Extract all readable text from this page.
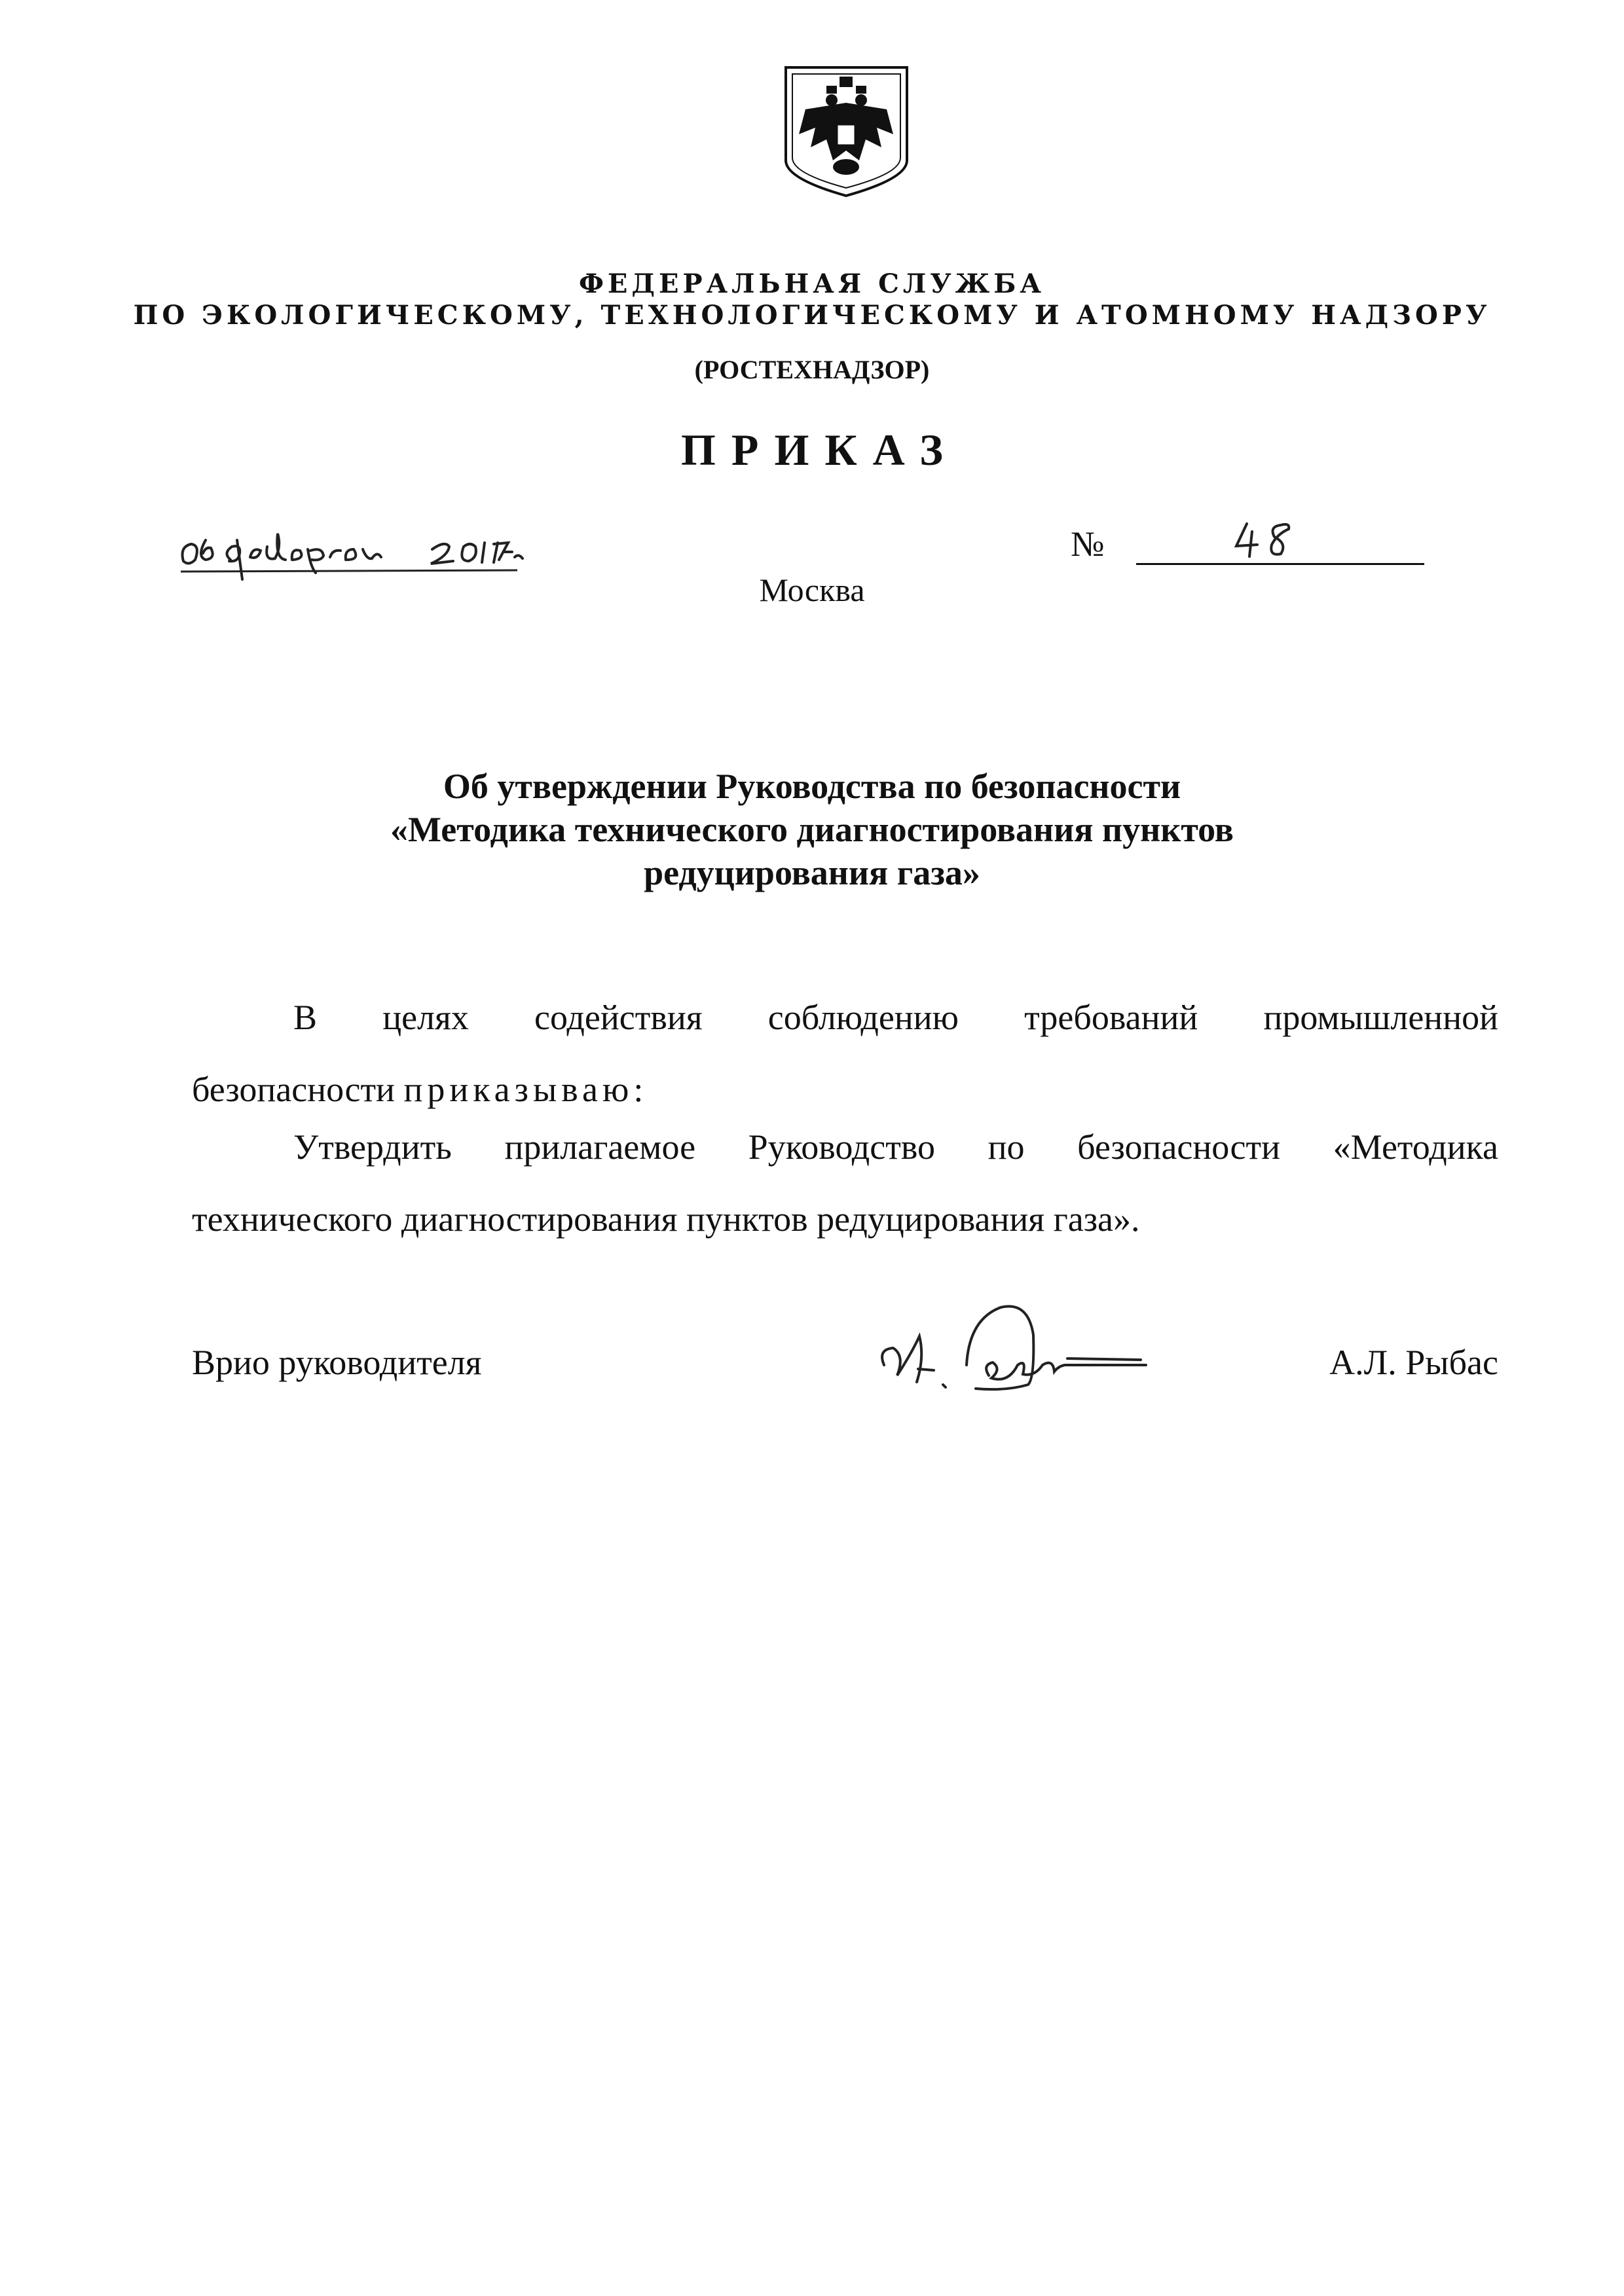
ФЕДЕРАЛЬНАЯ СЛУЖБА
ПО ЭКОЛОГИЧЕСКОМУ, ТЕХНОЛОГИЧЕСКОМУ И АТОМНОМУ НАДЗОРУ
(РОСТЕХНАДЗОР)
ПРИКАЗ
№
Москва
Об утверждении Руководства по безопасности
«Методика технического диагностирования пунктов
редуцирования газа»
В целях содействия соблюдению требований промышленной
безопасности приказываю:
Утвердить прилагаемое Руководство по безопасности «Методика
технического диагностирования пунктов редуцирования газа».
Врио руководителя	А.Л. Рыбас
